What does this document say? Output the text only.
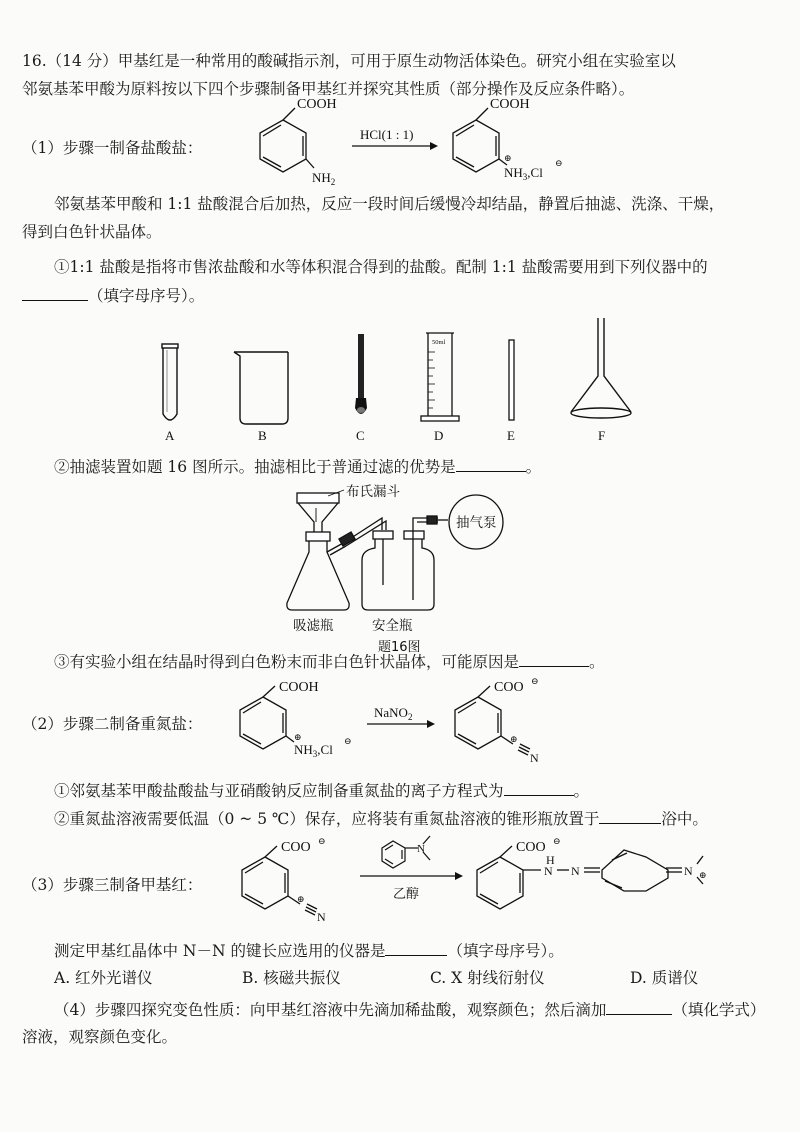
16.（14 分）甲基红是一种常用的酸碱指示剂，可用于原生动物活体染色。研究小组在实验室以
邻氨基苯甲酸为原料按以下四个步骤制备甲基红并探究其性质（部分操作及反应条件略）。
（1）步骤一制备盐酸盐：
COOH
$NH_2$
HCl(1 : 1)
COOH
⊕
$NH_3,Cl$
⊖
邻氨基苯甲酸和 1:1 盐酸混合后加热，反应一段时间后缓慢冷却结晶，静置后抽滤、洗涤、干燥，
得到白色针状晶体。
①1:1 盐酸是指将市售浓盐酸和水等体积混合得到的盐酸。配制 1:1 盐酸需要用到下列仪器中的
（填字母序号）。
50ml
A	B	C	D	E	F
②抽滤装置如题 16 图所示。抽滤相比于普通过滤的优势是	。
布氏漏斗
抽气泵
吸滤瓶	安全瓶
题16图
③有实验小组在结晶时得到白色粉末而非白色针状晶体，可能原因是	。
（2）步骤二制备重氮盐：
COOH
⊕
$NH_3,Cl$
⊖
NaNO$_2$
COO ⊖
⊕
N
①邻氨基苯甲酸盐酸盐与亚硝酸钠反应制备重氮盐的离子方程式为	。
②重氮盐溶液需要低温（0 ~ 5 ℃）保存，应将装有重氮盐溶液的锥形瓶放置于	浴中。
（3）步骤三制备甲基红：
COO ⊖
⊕
N
N
乙醇
COO ⊖
H
N N	N ⊕
测定甲基红晶体中 N－N 的键长应选用的仪器是	（填字母序号）。
A. 红外光谱仪	B. 核磁共振仪	C. X 射线衍射仪	D. 质谱仪
（4）步骤四探究变色性质：向甲基红溶液中先滴加稀盐酸，观察颜色；然后滴加	（填化学式）
溶液，观察颜色变化。
